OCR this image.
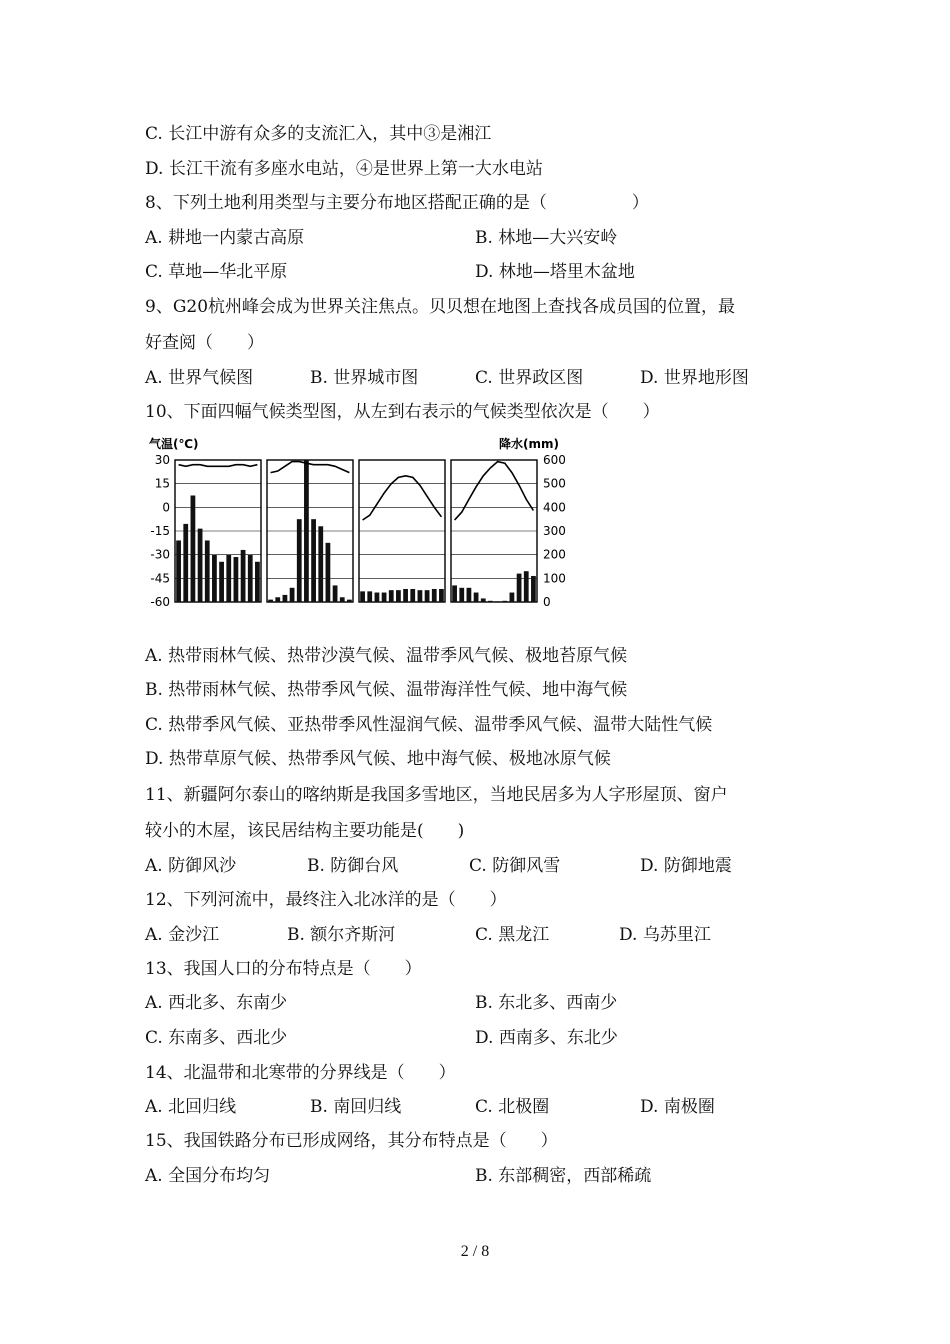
C. 长江中游有众多的支流汇入，其中③是湘江
D. 长江干流有多座水电站，④是世界上第一大水电站
8、下列土地利用类型与主要分布地区搭配正确的是（　　　　　）
A. 耕地一内蒙古高原	B. 林地—大兴安岭
C. 草地—华北平原	D. 林地—塔里木盆地
9、G20杭州峰会成为世界关注焦点。贝贝想在地图上查找各成员国的位置，最
好查阅（　　）
A. 世界气候图	B. 世界城市图	C. 世界政区图	D. 世界地形图
10、下面四幅气候类型图，从左到右表示的气候类型依次是（　　）
A. 热带雨林气候、热带沙漠气候、温带季风气候、极地苔原气候
B. 热带雨林气候、热带季风气候、温带海洋性气候、地中海气候
C. 热带季风气候、亚热带季风性湿润气候、温带季风气候、温带大陆性气候
D. 热带草原气候、热带季风气候、地中海气候、极地冰原气候
11、新疆阿尔泰山的喀纳斯是我国多雪地区，当地民居多为人字形屋顶、窗户
较小的木屋，该民居结构主要功能是(　　)
A. 防御风沙	B. 防御台风	C. 防御风雪	D. 防御地震
12、下列河流中，最终注入北冰洋的是（　　）
A. 金沙江	B. 额尔齐斯河	C. 黑龙江	D. 乌苏里江
13、我国人口的分布特点是（　　）
A. 西北多、东南少	B. 东北多、西南少
C. 东南多、西北少	D. 西南多、东北少
14、北温带和北寒带的分界线是（　　）
A. 北回归线	B. 南回归线	C. 北极圈	D. 南极圈
15、我国铁路分布已形成网络，其分布特点是（　　）
A. 全国分布均匀	B. 东部稠密，西部稀疏
气温(℃)	降水(mm)
30
15
0
-15
-30
-45
-60
600
500
400
300
200
100
0
2 / 8
